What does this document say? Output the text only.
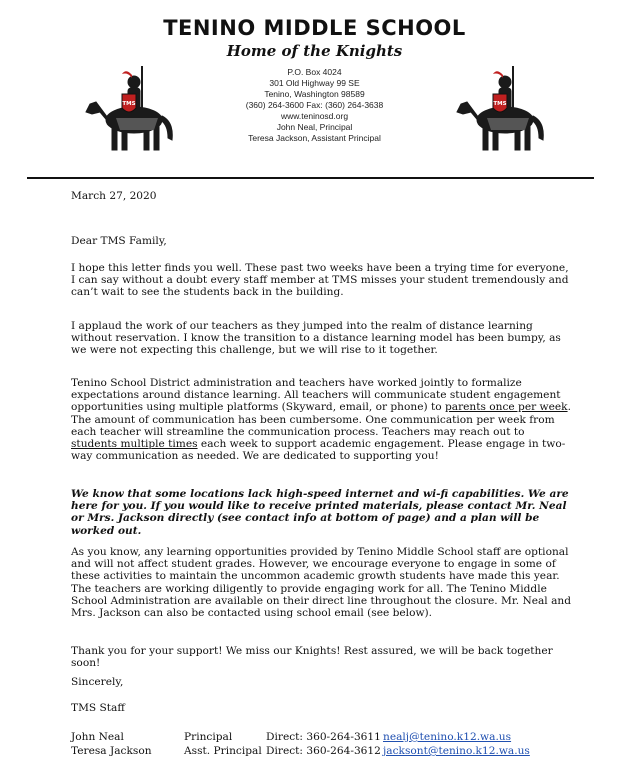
TENINO MIDDLE SCHOOL
Home of the Knights
P.O. Box 4024
301 Old Highway 99 SE
Tenino, Washington 98589
(360) 264-3600 Fax: (360) 264-3638
www.teninosd.org
John Neal, Principal
Teresa Jackson, Assistant Principal
TMS	TMS
March 27, 2020
Dear TMS Family,
I hope this letter finds you well. These past two weeks have been a trying time for everyone, I can say without a doubt every staff member at TMS misses your student tremendously and can’t wait to see the students back in the building.
I applaud the work of our teachers as they jumped into the realm of distance learning without reservation. I know the transition to a distance learning model has been bumpy, as we were not expecting this challenge, but we will rise to it together.
Tenino School District administration and teachers have worked jointly to formalize expectations around distance learning. All teachers will communicate student engagement opportunities using multiple platforms (Skyward, email, or phone) to parents once per week. The amount of communication has been cumbersome. One communication per week from each teacher will streamline the communication process. Teachers may reach out to students multiple times each week to support academic engagement. Please engage in two-way communication as needed. We are dedicated to supporting you!
We know that some locations lack high-speed internet and wi-fi capabilities. We are here for you. If you would like to receive printed materials, please contact Mr. Neal or Mrs. Jackson directly (see contact info at bottom of page) and a plan will be worked out.
As you know, any learning opportunities provided by Tenino Middle School staff are optional and will not affect student grades. However, we encourage everyone to engage in some of these activities to maintain the uncommon academic growth students have made this year. The teachers are working diligently to provide engaging work for all. The Tenino Middle School Administration are available on their direct line throughout the closure. Mr. Neal and Mrs. Jackson can also be contacted using school email (see below).
Thank you for your support! We miss our Knights! Rest assured, we will be back together soon!
Sincerely,
TMS Staff
John Neal	Principal	Direct: 360-264-3611 nealj@tenino.k12.wa.us
Teresa Jackson	Asst. Principal Direct: 360-264-3612 jacksont@tenino.k12.wa.us
